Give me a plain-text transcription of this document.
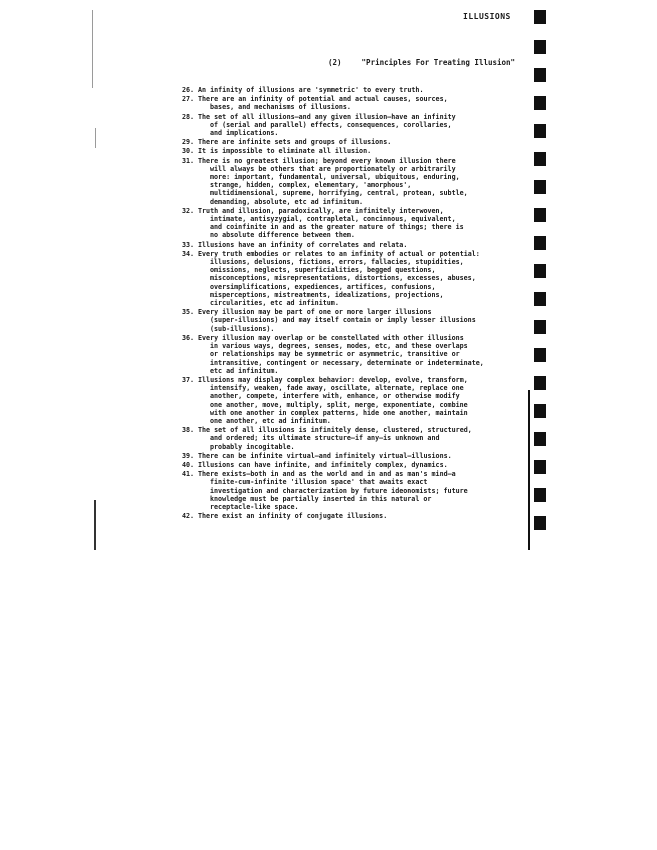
ILLUSIONS
(2)	"Principles For Treating Illusion"
26. An infinity of illusions are 'symmetric' to every truth.
27. There are an infinity of potential and actual causes, sources,
bases, and mechanisms of illusions.
28. The set of all illusions—and any given illusion—have an infinity
of (serial and parallel) effects, consequences, corollaries,
and implications.
29. There are infinite sets and groups of illusions.
30. It is impossible to eliminate all illusion.
31. There is no greatest illusion; beyond every known illusion there
will always be others that are proportionately or arbitrarily
more: important, fundamental, universal, ubiquitous, enduring,
strange, hidden, complex, elementary, 'amorphous',
multidimensional, supreme, horrifying, central, protean, subtle,
demanding, absolute, etc ad infinitum.
32. Truth and illusion, paradoxically, are infinitely interwoven,
intimate, antisyzygial, contrapletal, concinnous, equivalent,
and coinfinite in and as the greater nature of things; there is
no absolute difference between them.
33. Illusions have an infinity of correlates and relata.
34. Every truth embodies or relates to an infinity of actual or potential:
illusions, delusions, fictions, errors, fallacies, stupidities,
omissions, neglects, superficialities, begged questions,
misconceptions, misrepresentations, distortions, excesses, abuses,
oversimplifications, expediences, artifices, confusions,
misperceptions, mistreatments, idealizations, projections,
circularities, etc ad infinitum.
35. Every illusion may be part of one or more larger illusions
(super-illusions) and may itself contain or imply lesser illusions
(sub-illusions).
36. Every illusion may overlap or be constellated with other illusions
in various ways, degrees, senses, modes, etc, and these overlaps
or relationships may be symmetric or asymmetric, transitive or
intransitive, contingent or necessary, determinate or indeterminate,
etc ad infinitum.
37. Illusions may display complex behavior: develop, evolve, transform,
intensify, weaken, fade away, oscillate, alternate, replace one
another, compete, interfere with, enhance, or otherwise modify
one another, move, multiply, split, merge, exponentiate, combine
with one another in complex patterns, hide one another, maintain
one another, etc ad infinitum.
38. The set of all illusions is infinitely dense, clustered, structured,
and ordered; its ultimate structure—if any—is unknown and
probably incogitable.
39. There can be infinite virtual—and infinitely virtual—illusions.
40. Illusions can have infinite, and infinitely complex, dynamics.
41. There exists—both in and as the world and in and as man's mind—a
finite-cum-infinite 'illusion space' that awaits exact
investigation and characterization by future ideonomists; future
knowledge must be partially inserted in this natural or
receptacle-like space.
42. There exist an infinity of conjugate illusions.
